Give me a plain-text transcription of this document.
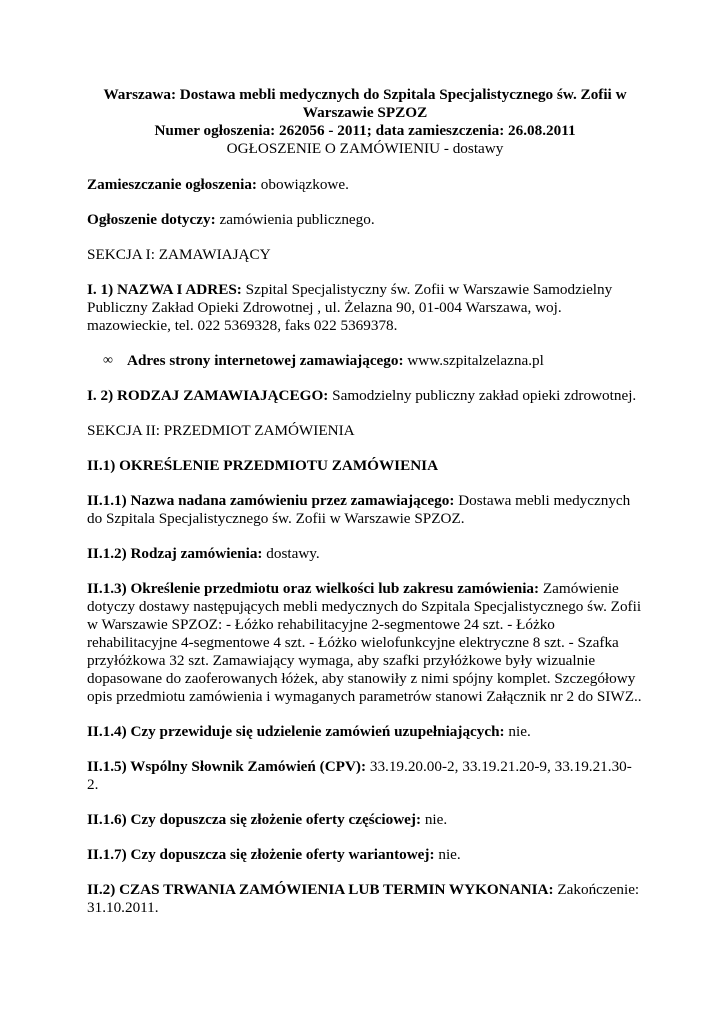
Warszawa: Dostawa mebli medycznych do Szpitala Specjalistycznego św. Zofii w
Warszawie SPZOZ
Numer ogłoszenia: 262056 - 2011; data zamieszczenia: 26.08.2011
OGŁOSZENIE O ZAMÓWIENIU - dostawy

Zamieszczanie ogłoszenia: obowiązkowe.

Ogłoszenie dotyczy: zamówienia publicznego.

SEKCJA I: ZAMAWIAJĄCY

I. 1) NAZWA I ADRES: Szpital Specjalistyczny św. Zofii w Warszawie Samodzielny Publiczny Zakład Opieki Zdrowotnej , ul. Żelazna 90, 01-004 Warszawa, woj. mazowieckie, tel. 022 5369328, faks 022 5369378.

∞ Adres strony internetowej zamawiającego: www.szpitalzelazna.pl

I. 2) RODZAJ ZAMAWIAJĄCEGO: Samodzielny publiczny zakład opieki zdrowotnej.

SEKCJA II: PRZEDMIOT ZAMÓWIENIA

II.1) OKREŚLENIE PRZEDMIOTU ZAMÓWIENIA

II.1.1) Nazwa nadana zamówieniu przez zamawiającego: Dostawa mebli medycznych do Szpitala Specjalistycznego św. Zofii w Warszawie SPZOZ.

II.1.2) Rodzaj zamówienia: dostawy.

II.1.3) Określenie przedmiotu oraz wielkości lub zakresu zamówienia: Zamówienie dotyczy dostawy następujących mebli medycznych do Szpitala Specjalistycznego św. Zofii w Warszawie SPZOZ: - Łóżko rehabilitacyjne 2-segmentowe 24 szt. - Łóżko rehabilitacyjne 4-segmentowe 4 szt. - Łóżko wielofunkcyjne elektryczne 8 szt. - Szafka przyłóżkowa 32 szt. Zamawiający wymaga, aby szafki przyłóżkowe były wizualnie dopasowane do zaoferowanych łóżek, aby stanowiły z nimi spójny komplet. Szczegółowy opis przedmiotu zamówienia i wymaganych parametrów stanowi Załącznik nr 2 do SIWZ..

II.1.4) Czy przewiduje się udzielenie zamówień uzupełniających: nie.

II.1.5) Wspólny Słownik Zamówień (CPV): 33.19.20.00-2, 33.19.21.20-9, 33.19.21.30-2.

II.1.6) Czy dopuszcza się złożenie oferty częściowej: nie.

II.1.7) Czy dopuszcza się złożenie oferty wariantowej: nie.

II.2) CZAS TRWANIA ZAMÓWIENIA LUB TERMIN WYKONANIA: Zakończenie: 31.10.2011.
